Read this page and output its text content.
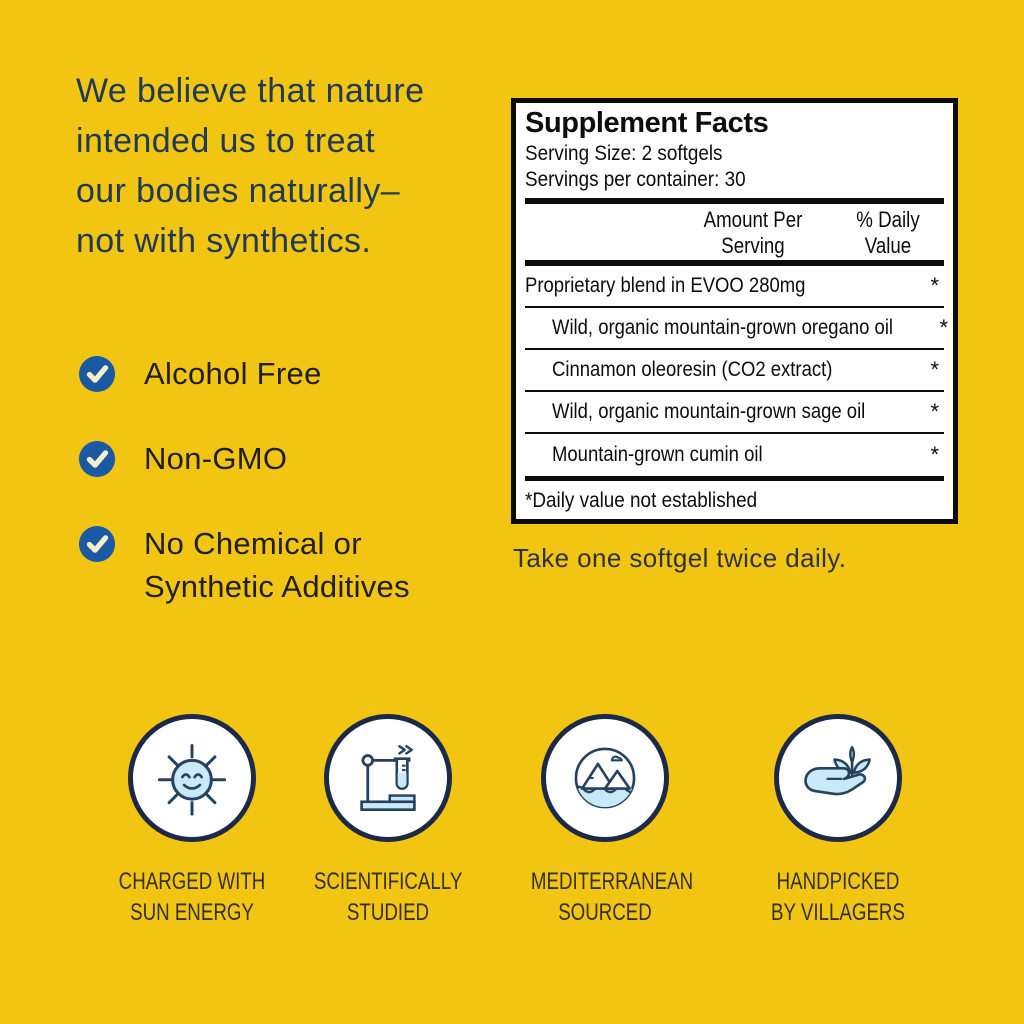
We believe that nature
intended us to treat
our bodies naturally–
not with synthetics.
Alcohol Free
Non-GMO
No Chemical or Synthetic Additives
Supplement Facts
Serving Size: 2 softgels
Servings per container: 30
Amount Per
Serving
% Daily
Value
Proprietary blend in EVOO 280mg	*
Wild, organic mountain-grown oregano oil *
Cinnamon oleoresin (CO2 extract)	*
Wild, organic mountain-grown sage oil	*
Mountain-grown cumin oil	*
*Daily value not established
Take one softgel twice daily.
CHARGED WITH
SUN ENERGY
SCIENTIFICALLY
STUDIED
MEDITERRANEAN
SOURCED
HANDPICKED
BY VILLAGERS
